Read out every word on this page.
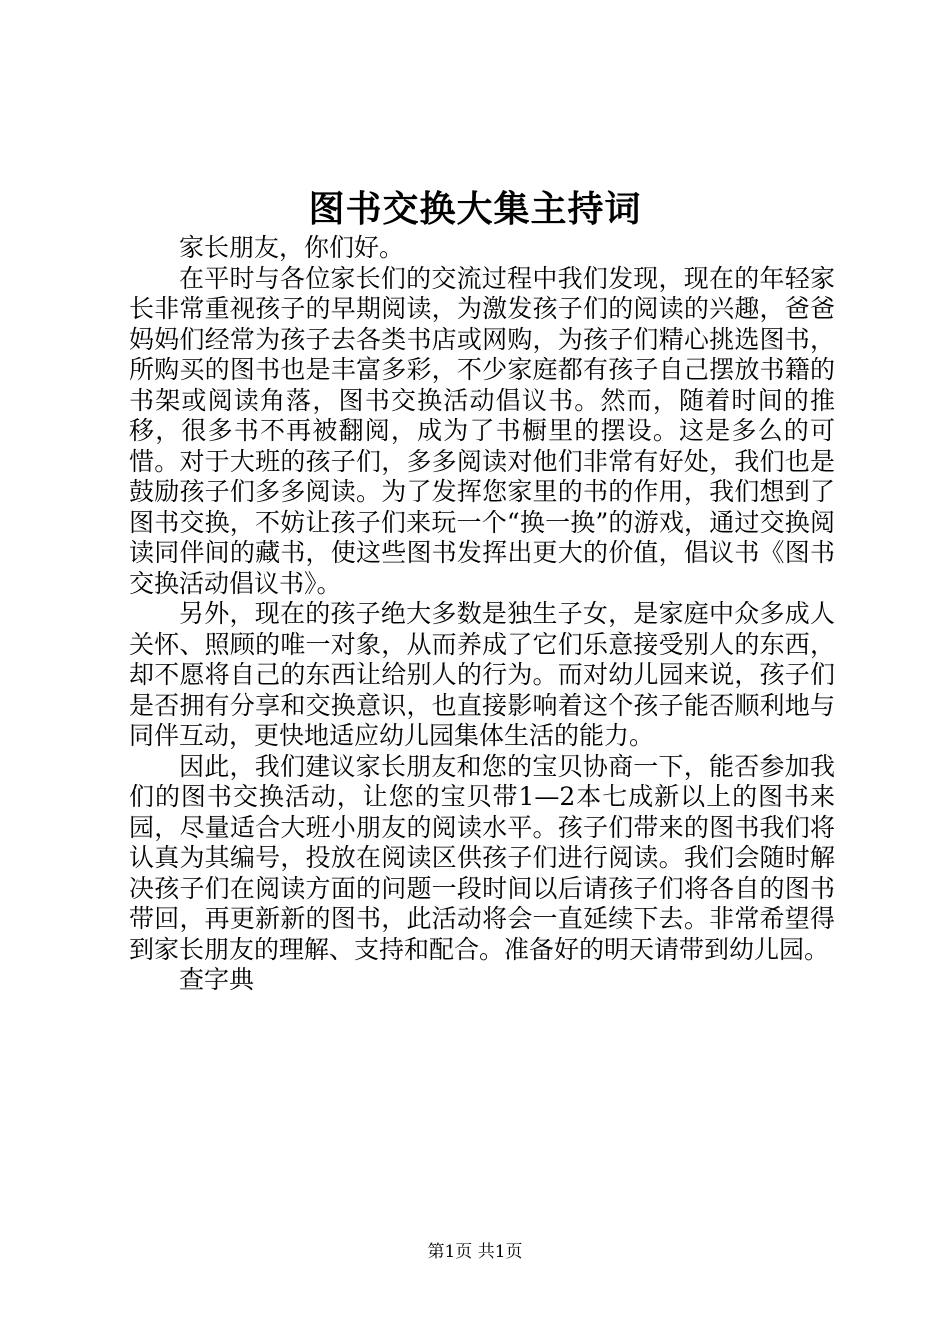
图书交换大集主持词

家长朋友，你们好。

在平时与各位家长们的交流过程中我们发现，现在的年轻家长非常重视孩子的早期阅读，为激发孩子们的阅读的兴趣，爸爸妈妈们经常为孩子去各类书店或网购，为孩子们精心挑选图书，所购买的图书也是丰富多彩，不少家庭都有孩子自己摆放书籍的书架或阅读角落，图书交换活动倡议书。然而，随着时间的推移，很多书不再被翻阅，成为了书橱里的摆设。这是多么的可惜。对于大班的孩子们，多多阅读对他们非常有好处，我们也是鼓励孩子们多多阅读。为了发挥您家里的书的作用，我们想到了图书交换，不妨让孩子们来玩一个“换一换”的游戏，通过交换阅读同伴间的藏书，使这些图书发挥出更大的价值，倡议书《图书交换活动倡议书》。

另外，现在的孩子绝大多数是独生子女，是家庭中众多成人关怀、照顾的唯一对象，从而养成了它们乐意接受别人的东西，却不愿将自己的东西让给别人的行为。而对幼儿园来说，孩子们是否拥有分享和交换意识，也直接影响着这个孩子能否顺利地与同伴互动，更快地适应幼儿园集体生活的能力。

因此，我们建议家长朋友和您的宝贝协商一下，能否参加我们的图书交换活动，让您的宝贝带1—2本七成新以上的图书来园，尽量适合大班小朋友的阅读水平。孩子们带来的图书我们将认真为其编号，投放在阅读区供孩子们进行阅读。我们会随时解决孩子们在阅读方面的问题一段时间以后请孩子们将各自的图书带回，再更新新的图书，此活动将会一直延续下去。非常希望得到家长朋友的理解、支持和配合。准备好的明天请带到幼儿园。

查字典

第1页 共1页
